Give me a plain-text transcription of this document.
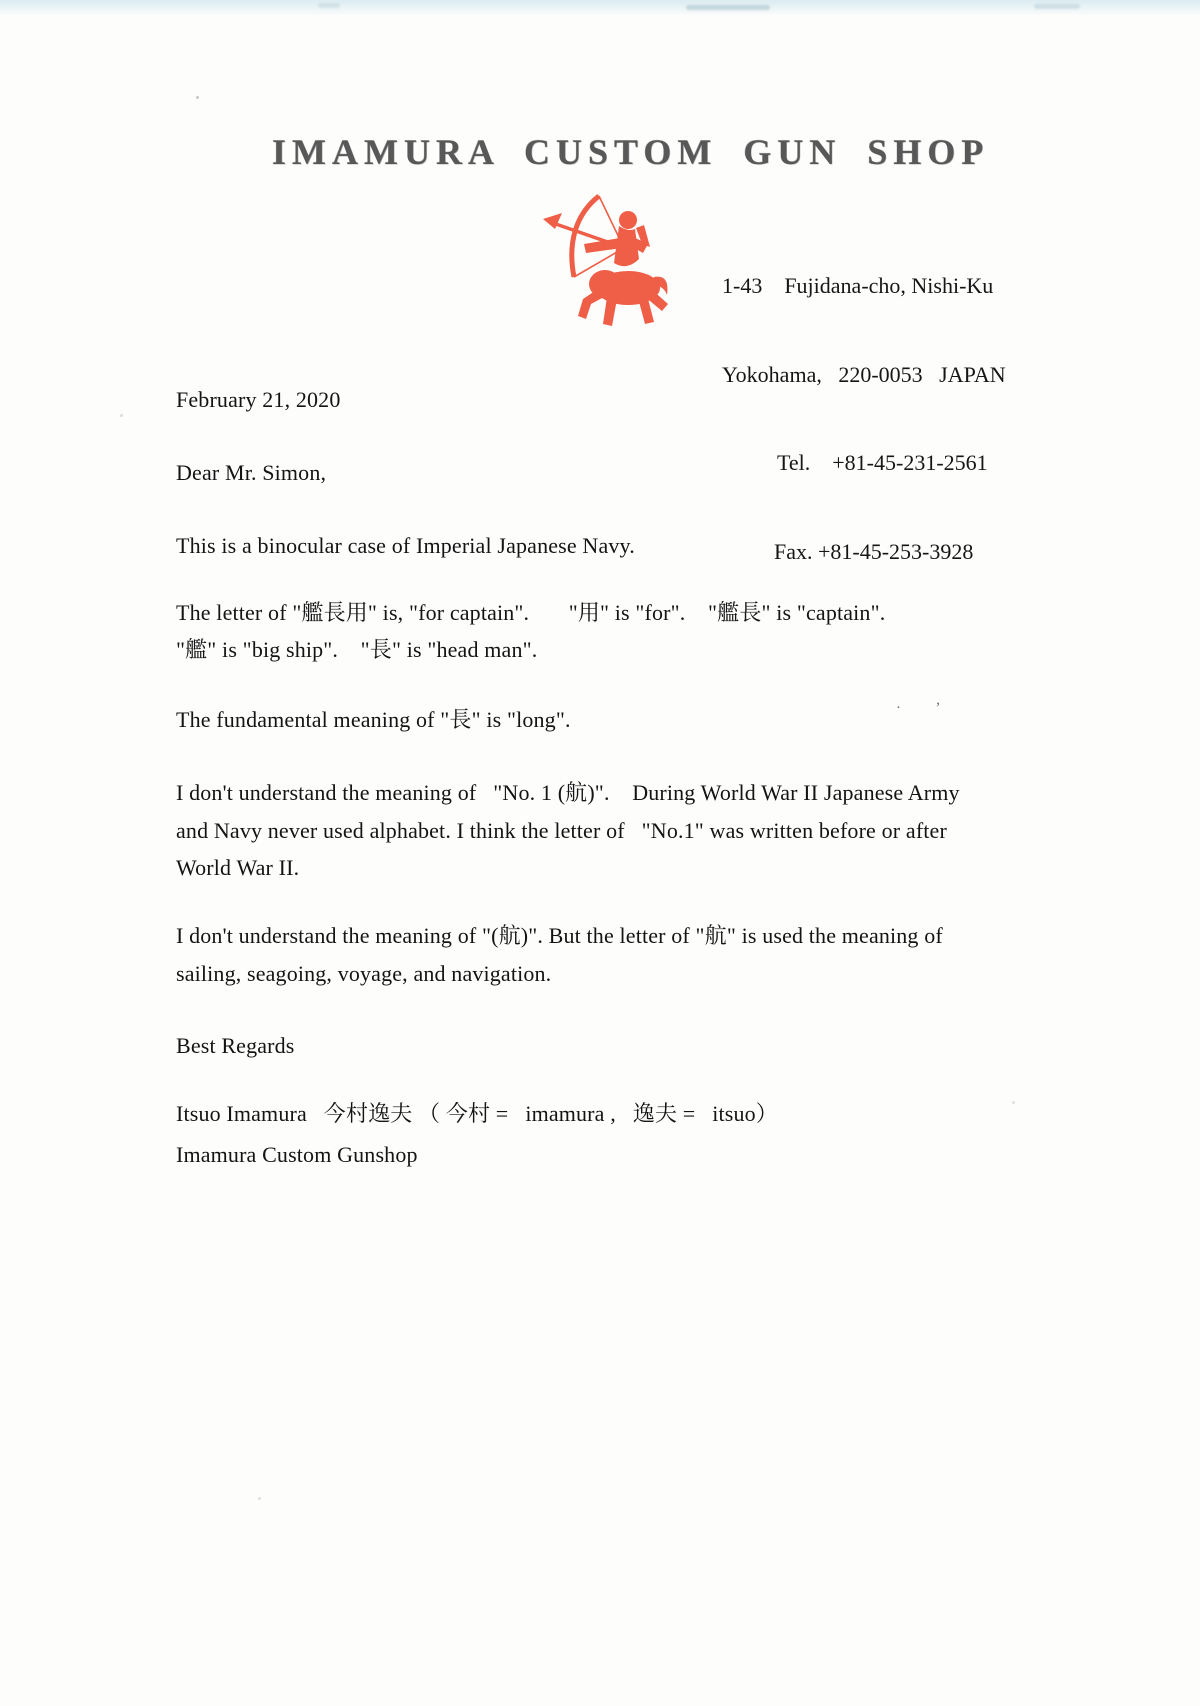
IMAMURA CUSTOM GUN SHOP

1-43    Fujidana-cho, Nishi-Ku

Yokohama,   220-0053   JAPAN

Tel.    +81-45-231-2561

Fax. +81-45-253-3928

February 21, 2020
Dear Mr. Simon,
This is a binocular case of Imperial Japanese Navy.
The letter of "艦長用" is, "for captain".       "用" is "for".    "艦長" is "captain".
"艦" is "big ship".    "長" is "head man".
The fundamental meaning of "長" is "long".
I don't understand the meaning of   "No. 1 (航)".    During World War II Japanese Army
and Navy never used alphabet. I think the letter of   "No.1" was written before or after
World War II.
I don't understand the meaning of "(航)". But the letter of "航" is used the meaning of
sailing, seagoing, voyage, and navigation.
Best Regards
Itsuo Imamura   今村逸夫 （ 今村 =   imamura ,   逸夫 =   itsuo）
Imamura Custom Gunshop
·  ’
